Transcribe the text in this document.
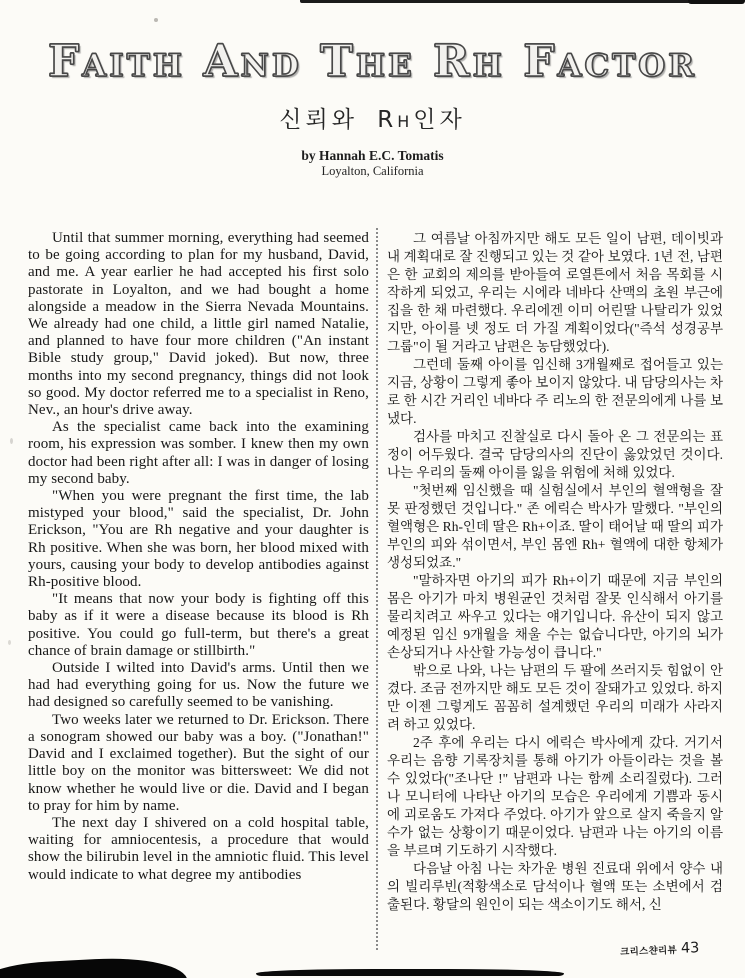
Faith And The Rh Factor
신뢰와 Rh인자
by Hannah E.C. Tomatis
Loyalton, California

Until that summer morning, everything had seemed to be going according to plan for my husband, David, and me. A year earlier he had accepted his first solo pastorate in Loyalton, and we had bought a home alongside a meadow in the Sierra Nevada Mountains. We already had one child, a little girl named Natalie, and planned to have four more children ("An instant Bible study group," David joked). But now, three months into my second pregnancy, things did not look so good. My doctor referred me to a specialist in Reno, Nev., an hour's drive away.

As the specialist came back into the examining room, his expression was somber. I knew then my own doctor had been right after all: I was in danger of losing my second baby.

"When you were pregnant the first time, the lab mistyped your blood," said the specialist, Dr. John Erickson, "You are Rh negative and your daughter is Rh positive. When she was born, her blood mixed with yours, causing your body to develop antibodies against Rh-positive blood.

"It means that now your body is fighting off this baby as if it were a disease because its blood is Rh positive. You could go full-term, but there's a great chance of brain damage or stillbirth."

Outside I wilted into David's arms. Until then we had had everything going for us. Now the future we had designed so carefully seemed to be vanishing.

Two weeks later we returned to Dr. Erickson. There a sonogram showed our baby was a boy. ("Jonathan!" David and I exclaimed together). But the sight of our little boy on the monitor was bittersweet: We did not know whether he would live or die. David and I began to pray for him by name.

The next day I shivered on a cold hospital table, waiting for amniocentesis, a procedure that would show the bilirubin level in the amniotic fluid. This level would indicate to what degree my antibodies

그 여름날 아침까지만 해도 모든 일이 남편, 데이빗과 내 계획대로 잘 진행되고 있는 것 같아 보였다. 1년 전, 남편은 한 교회의 제의를 받아들여 로열튼에서 처음 목회를 시작하게 되었고, 우리는 시에라 네바다 산맥의 초원 부근에 집을 한 채 마련했다. 우리에겐 이미 어린딸 나탈리가 있었지만, 아이를 넷 정도 더 가질 계획이었다("즉석 성경공부 그룹"이 될 거라고 남편은 농담했었다).

그런데 둘째 아이를 임신해 3개월째로 접어들고 있는 지금, 상황이 그렇게 좋아 보이지 않았다. 내 담당의사는 차로 한 시간 거리인 네바다 주 리노의 한 전문의에게 나를 보냈다.

검사를 마치고 진찰실로 다시 돌아 온 그 전문의는 표정이 어두웠다. 결국 담당의사의 진단이 옳았었던 것이다. 나는 우리의 둘째 아이를 잃을 위험에 처해 있었다.

"첫번째 임신했을 때 실험실에서 부인의 혈액형을 잘못 판정했던 것입니다." 존 에릭슨 박사가 말했다. "부인의 혈액형은 Rh-인데 딸은 Rh+이죠. 딸이 태어날 때 딸의 피가 부인의 피와 섞이면서, 부인 몸엔 Rh+ 혈액에 대한 항체가 생성되었죠."

"말하자면 아기의 피가 Rh+이기 때문에 지금 부인의 몸은 아기가 마치 병원균인 것처럼 잘못 인식해서 아기를 물리치려고 싸우고 있다는 얘기입니다. 유산이 되지 않고 예정된 임신 9개월을 채울 수는 없습니다만, 아기의 뇌가 손상되거나 사산할 가능성이 큽니다."

밖으로 나와, 나는 남편의 두 팔에 쓰러지듯 힘없이 안겼다. 조금 전까지만 해도 모든 것이 잘돼가고 있었다. 하지만 이젠 그렇게도 꼼꼼히 설계했던 우리의 미래가 사라지려 하고 있었다.

2주 후에 우리는 다시 에릭슨 박사에게 갔다. 거기서 우리는 음향 기록장치를 통해 아기가 아들이라는 것을 볼 수 있었다("조나단 !" 남편과 나는 함께 소리질렀다). 그러나 모니터에 나타난 아기의 모습은 우리에게 기쁨과 동시에 괴로움도 가져다 주었다. 아기가 앞으로 살지 죽을지 알 수가 없는 상황이기 때문이었다. 남편과 나는 아기의 이름을 부르며 기도하기 시작했다.

다음날 아침 나는 차가운 병원 진료대 위에서 양수 내의 빌리루빈(적황색소로 담석이나 혈액 또는 소변에서 검출된다. 황달의 원인이 되는 색소이기도 해서, 신

크리스챤리뷰 43
